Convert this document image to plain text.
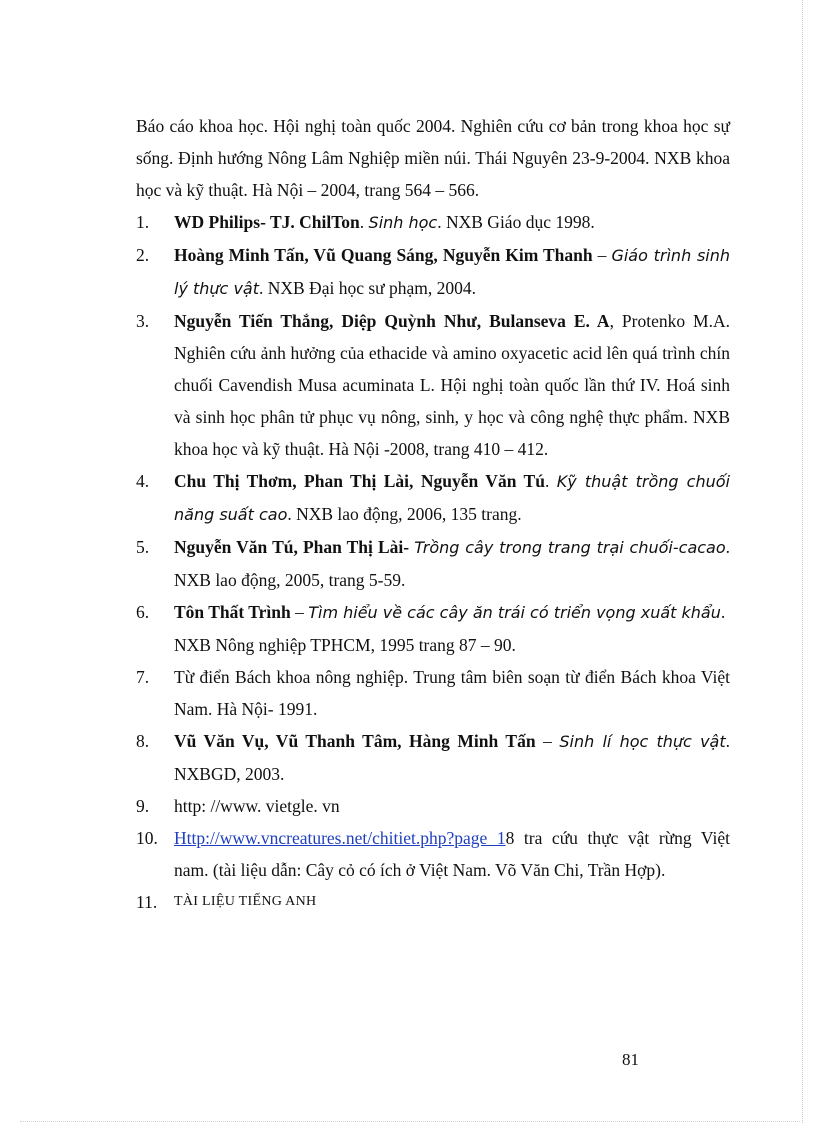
Báo cáo khoa học. Hội nghị toàn quốc 2004. Nghiên cứu cơ bản trong khoa học sự sống. Định hướng Nông Lâm Nghiệp miền núi. Thái Nguyên 23-9-2004. NXB khoa học và kỹ thuật. Hà Nội – 2004, trang 564 – 566.
1.	WD Philips- TJ. ChilTon. Sinh học. NXB Giáo dục 1998.
2.	Hoàng Minh Tấn, Vũ Quang Sáng, Nguyễn Kim Thanh – Giáo trình sinh lý thực vật. NXB Đại học sư phạm, 2004.
3.	Nguyễn Tiến Thắng, Diệp Quỳnh Như, Bulanseva E. A, Protenko M.A. Nghiên cứu ảnh hưởng của ethacide và amino oxyacetic acid lên quá trình chín chuối Cavendish Musa acuminata L. Hội nghị toàn quốc lần thứ IV. Hoá sinh và sinh học phân tử phục vụ nông, sinh, y học và công nghệ thực phẩm. NXB khoa học và kỹ thuật. Hà Nội -2008, trang 410 – 412.
4.	Chu Thị Thơm, Phan Thị Lài, Nguyễn Văn Tú. Kỹ thuật trồng chuối năng suất cao. NXB lao động, 2006, 135 trang.
5.	Nguyễn Văn Tú, Phan Thị Lài- Trồng cây trong trang trại chuối-cacao. NXB lao động, 2005, trang 5-59.
6.	Tôn Thất Trình – Tìm hiểu về các cây ăn trái có triển vọng xuất khẩu. NXB Nông nghiệp TPHCM, 1995 trang 87 – 90.
7.	Từ điển Bách khoa nông nghiệp. Trung tâm biên soạn từ điển Bách khoa Việt Nam. Hà Nội- 1991.
8.	Vũ Văn Vụ, Vũ Thanh Tâm, Hàng Minh Tấn – Sinh lí học thực vật. NXBGD, 2003.
9.	http: //www. vietgle. vn
10. Http://www.vncreatures.net/chitiet.php?page 18 tra cứu thực vật rừng Việt nam. (tài liệu dẫn: Cây cỏ có ích ở Việt Nam. Võ Văn Chi, Trần Hợp).
11.	TÀI LIỆU TIẾNG ANH
81
